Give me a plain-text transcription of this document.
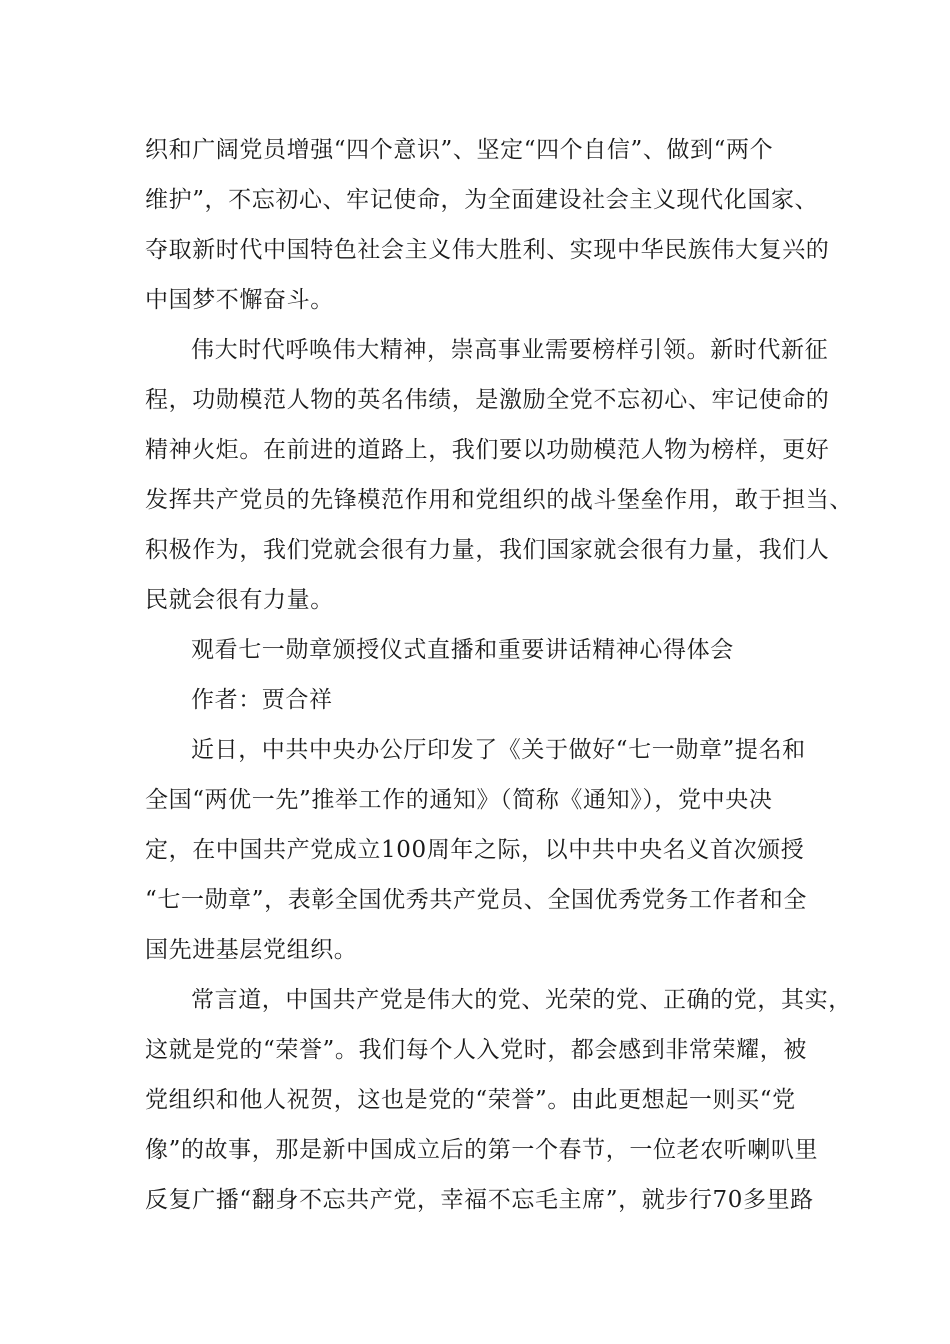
织和广阔党员增强“四个意识”、坚定“四个自信”、做到“两个
维护”，不忘初心、牢记使命，为全面建设社会主义现代化国家、
夺取新时代中国特色社会主义伟大胜利、实现中华民族伟大复兴的
中国梦不懈奋斗。
伟大时代呼唤伟大精神，崇高事业需要榜样引领。新时代新征
程，功勋模范人物的英名伟绩，是激励全党不忘初心、牢记使命的
精神火炬。在前进的道路上，我们要以功勋模范人物为榜样，更好
发挥共产党员的先锋模范作用和党组织的战斗堡垒作用，敢于担当、
积极作为，我们党就会很有力量，我们国家就会很有力量，我们人
民就会很有力量。
观看七一勋章颁授仪式直播和重要讲话精神心得体会
作者：贾合祥
近日，中共中央办公厅印发了《关于做好“七一勋章”提名和
全国“两优一先”推举工作的通知》（简称《通知》），党中央决
定，在中国共产党成立100周年之际，以中共中央名义首次颁授
“七一勋章”，表彰全国优秀共产党员、全国优秀党务工作者和全
国先进基层党组织。
常言道，中国共产党是伟大的党、光荣的党、正确的党，其实，
这就是党的“荣誉”。我们每个人入党时，都会感到非常荣耀，被
党组织和他人祝贺，这也是党的“荣誉”。由此更想起一则买“党
像”的故事，那是新中国成立后的第一个春节，一位老农听喇叭里
反复广播“翻身不忘共产党，幸福不忘毛主席”，就步行70多里路
